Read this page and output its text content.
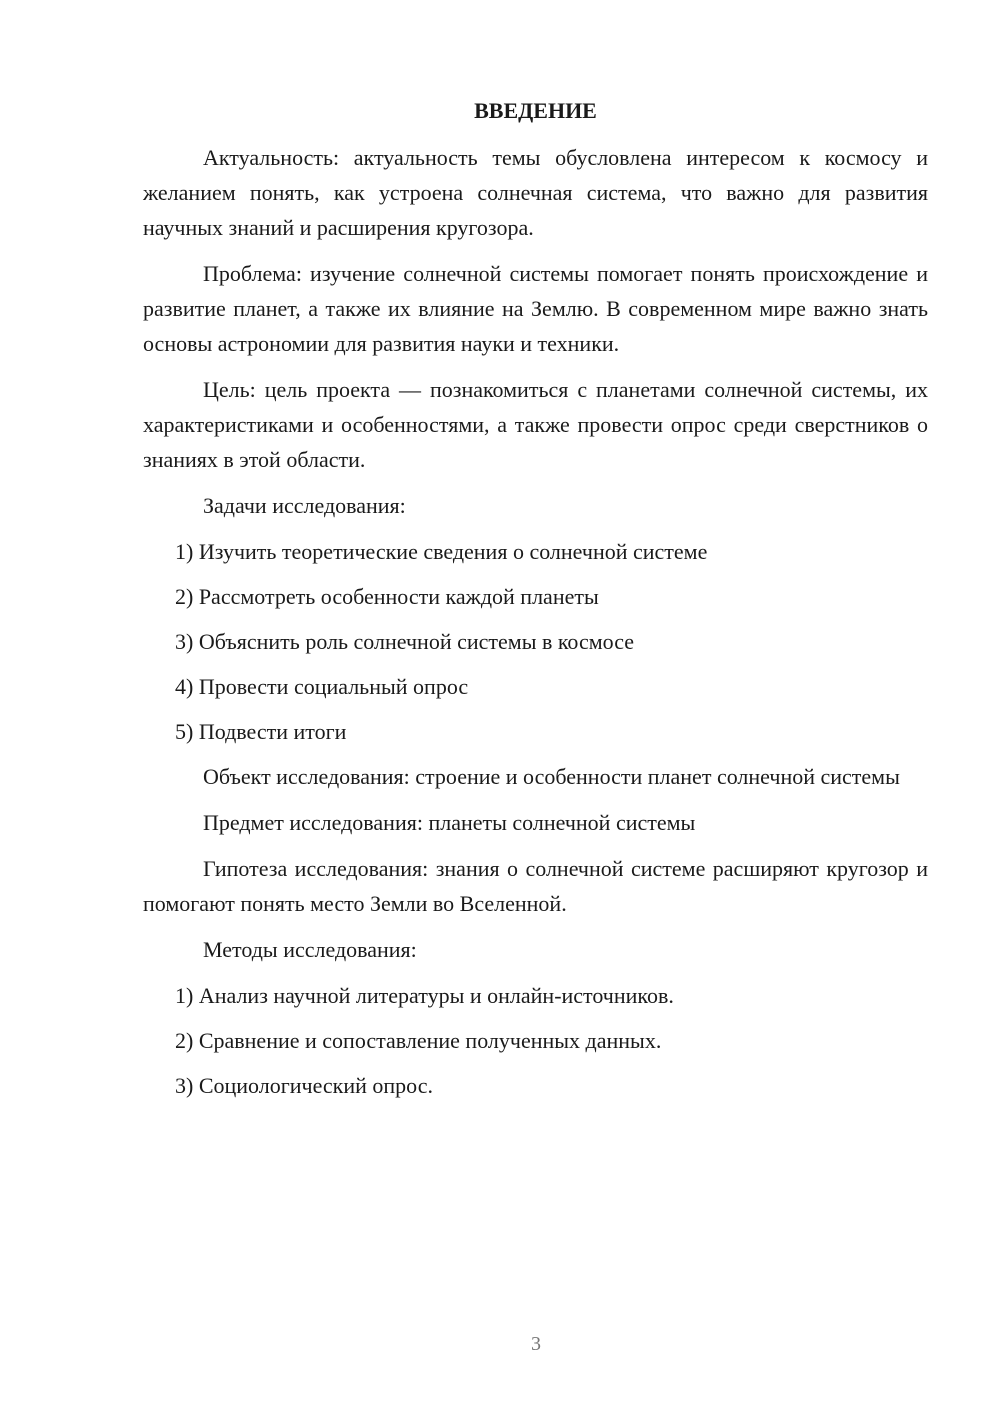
ВВЕДЕНИЕ
Актуальность: актуальность темы обусловлена интересом к космосу и желанием понять, как устроена солнечная система, что важно для развития научных знаний и расширения кругозора.
Проблема: изучение солнечной системы помогает понять происхождение и развитие планет, а также их влияние на Землю. В современном мире важно знать основы астрономии для развития науки и техники.
Цель: цель проекта — познакомиться с планетами солнечной системы, их характеристиками и особенностями, а также провести опрос среди сверстников о знаниях в этой области.
Задачи исследования:
1) Изучить теоретические сведения о солнечной системе
2) Рассмотреть особенности каждой планеты
3) Объяснить роль солнечной системы в космосе
4) Провести социальный опрос
5) Подвести итоги
Объект исследования: строение и особенности планет солнечной системы
Предмет исследования: планеты солнечной системы
Гипотеза исследования: знания о солнечной системе расширяют кругозор и помогают понять место Земли во Вселенной.
Методы исследования:
1) Анализ научной литературы и онлайн-источников.
2) Сравнение и сопоставление полученных данных.
3) Социологический опрос.
3
